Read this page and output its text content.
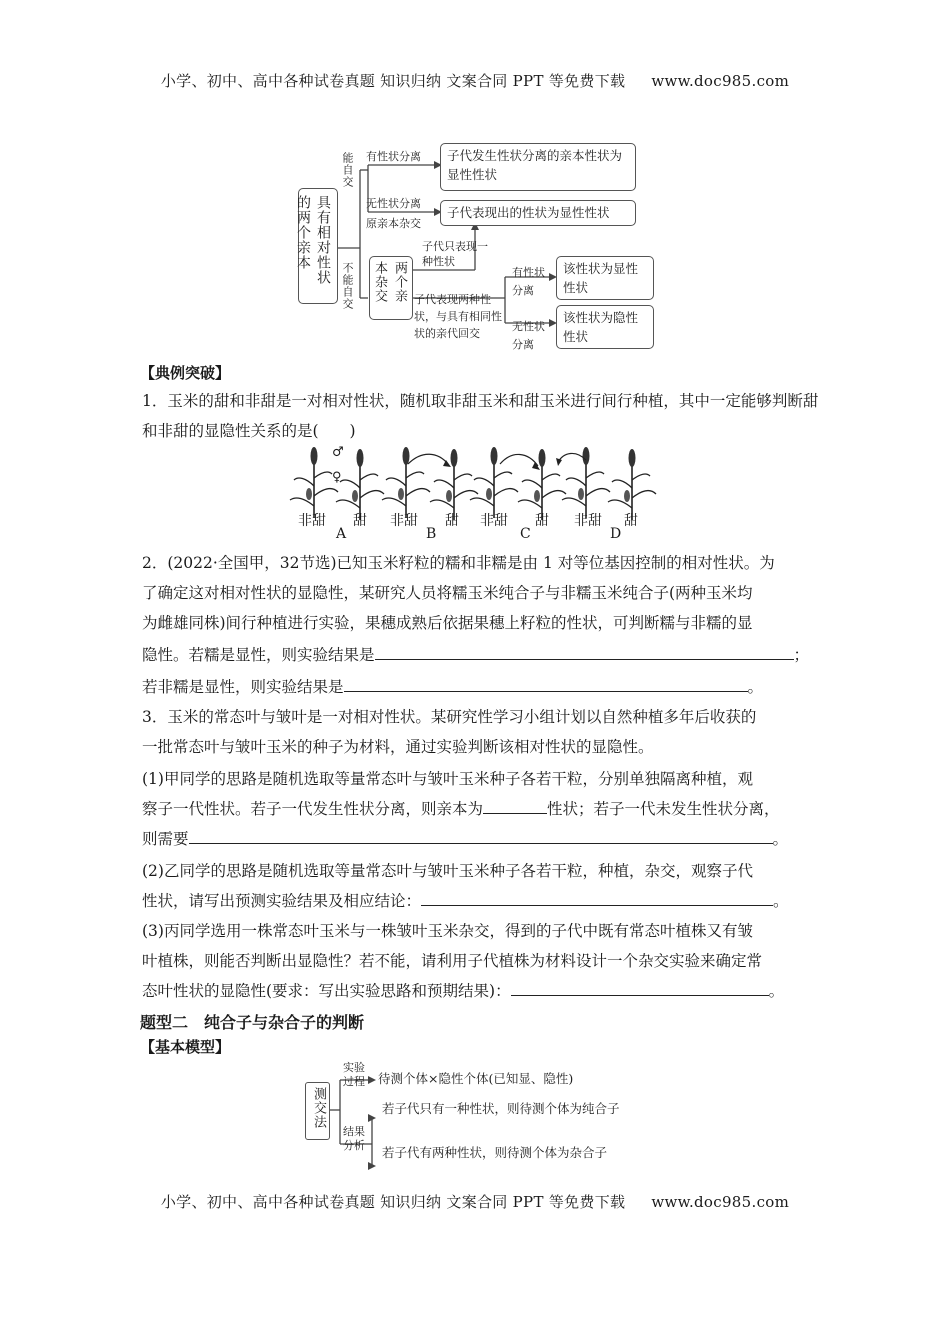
小学、初中、高中各种试卷真题 知识归纳 文案合同 PPT 等免费下载 www.doc985.com
具有相对性状的两个亲本
能自交
不能自交
有性状分离
无性状分离
原亲本杂交
子代发生性状分离的亲本性状为显性性状
子代表现出的性状为显性性状
两个亲本杂交
子代只表现一种性状
子代表现两种性状，与具有相同性状的亲代回交
有性状分离
无性状分离
该性状为显性性状
该性状为隐性性状
【典例突破】

1．玉米的甜和非甜是一对相对性状，随机取非甜玉米和甜玉米进行间行种植，其中一定能够判断甜和非甜的显隐性关系的是(　　)

♂
♀
非甜 甜 非甜 甜 非甜 甜 非甜 甜
A	B	C	D
2．(2022·全国甲，32节选)已知玉米籽粒的糯和非糯是由 1 对等位基因控制的相对性状。为
了确定这对相对性状的显隐性，某研究人员将糯玉米纯合子与非糯玉米纯合子(两种玉米均
为雌雄同株)间行种植进行实验，果穗成熟后依据果穗上籽粒的性状，可判断糯与非糯的显
隐性。若糯是显性，则实验结果是	；
若非糯是显性，则实验结果是	。
3．玉米的常态叶与皱叶是一对相对性状。某研究性学习小组计划以自然种植多年后收获的
一批常态叶与皱叶玉米的种子为材料，通过实验判断该相对性状的显隐性。
(1)甲同学的思路是随机选取等量常态叶与皱叶玉米种子各若干粒，分别单独隔离种植，观
察子一代性状。若子一代发生性状分离，则亲本为	性状；若子一代未发生性状分离，
则需要	。
(2)乙同学的思路是随机选取等量常态叶与皱叶玉米种子各若干粒，种植，杂交，观察子代
性状，请写出预测实验结果及相应结论：	。
(3)丙同学选用一株常态叶玉米与一株皱叶玉米杂交，得到的子代中既有常态叶植株又有皱
叶植株，则能否判断出显隐性？若不能，请利用子代植株为材料设计一个杂交实验来确定常
态叶性状的显隐性(要求：写出实验思路和预期结果)：	。
题型二　纯合子与杂合子的判断
【基本模型】
测交法
实验过程
结果分析
待测个体×隐性个体(已知显、隐性)
若子代只有一种性状，则待测个体为纯合子
若子代有两种性状，则待测个体为杂合子
小学、初中、高中各种试卷真题 知识归纳 文案合同 PPT 等免费下载 www.doc985.com
